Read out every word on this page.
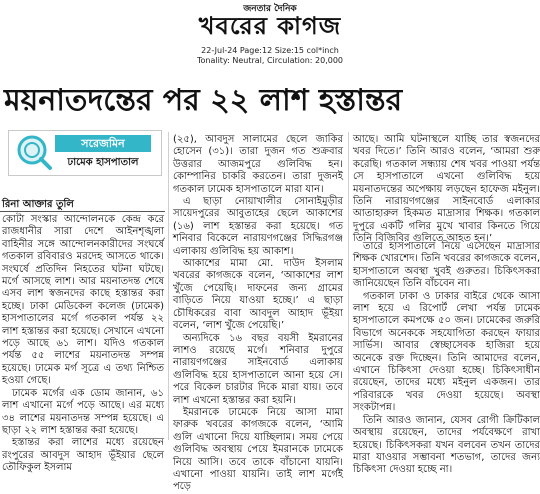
জনতার দৈনিক
খবরের কাগজ
22-Jul-24 Page:12 Size:15 col*inch
Tonality: Neutral, Circulation: 20,000
ময়নাতদন্তের পর ২২ লাশ হস্তান্তর
সরেজমিন
ঢামেক হাসপাতাল
রিনা আক্তার তুলি

কোটা সংস্কার আন্দোলনকে কেন্দ্র করে রাজধানীর সারা দেশে আইনশৃঙ্খলা বাহিনীর সঙ্গে আন্দোলনকারীদের সংঘর্ষে গতকাল রবিবারও মরদেহ আসতে থাকে। সংঘর্ষে প্রতিদিন নিহতের ঘটনা ঘটছে। মর্গে আসছে লাশ। আর ময়নাতদন্ত শেষে এসব লাশ স্বজনদের কাছে হস্তান্তর করা হচ্ছে। ঢাকা মেডিকেল কলেজ (ঢামেক) হাসপাতালের মর্গে গতকাল পর্যন্ত ২২ লাশ হস্তান্তর করা হয়েছে। সেখানে এখনো পড়ে আছে ৬১ লাশ। যদিও গতকাল পর্যন্ত ৫৫ লাশের ময়নাতদন্ত সম্পন্ন হয়েছে। ঢামেক মর্গ সূত্রে এ তথ্য নিশ্চিত হওয়া গেছে।

ঢামেক মর্গের এক ডোম জানান, ৬১ লাশ এখানো মর্গে পড়ে আছে। এর মধ্যে ৩৪ লাশের ময়নাতদন্ত সম্পন্ন হয়েছে। এ ছাড়া ২২ লাশ হস্তান্তর করা হয়েছে।

হস্তান্তর করা লাশের মধ্যে রয়েছেন রংপুরের আবদুস আহাদ ভূঁইয়ার ছেলে তৌফিকুল ইসলাম

(২৫), আবদুস সালামের ছেলে জাকির হোসেন (৩১)। তারা দুজন গত শুক্রবার উত্তরার আজমপুরে গুলিবিদ্ধ হন। কোম্পানির চাকরি করতেন। তারা দুজনই গতকাল ঢামেক হাসপাতালে মারা যান।

এ ছাড়া নোয়াখালীর সোনাইমুড়ীর সায়েদপুরের আবুতাহের ছেলে আকাশের (১৬) লাশ হস্তান্তর করা হয়েছে। গত শনিবার বিকেলে নারায়ণগঞ্জের সিদ্ধিরগঞ্জ এলাকায় গুলিবিদ্ধ হয় আকাশ।

আকাশের মামা মো. দাউদ ইসলাম খবরের কাগজকে বলেন, ‘আকাশের লাশ খুঁজে পেয়েছি। দাফনের জন্য গ্রামের বাড়িতে নিয়ে যাওয়া হচ্ছে।’ এ ছাড়া চৌধিকরের বাবা আবদুল আহাদ ভূঁইয়া বলেন, ‘লাশ খুঁজে পেয়েছি।’

অন্যদিকে ১৬ বছর বয়সী ইমরানের লাশও রয়েছে মর্গে। শনিবার দুপুরে নারায়ণগঞ্জের সাইনবোর্ড এলাকায় গুলিবিদ্ধ হয়ে হাসপাতালে আনা হয়ে সে। পরে বিকেল চারটার দিকে মারা যায়। তবে লাশ এখনো হস্তান্তর করা হয়নি।

ইমরানকে ঢামেকে নিয়ে আসা মামা ফারুক খবরের কাগজকে বলেন, ‘আমি গুলি এখানো দিয়ে যাচ্ছিলাম। সময় পেয়ে গুলিবিদ্ধ অবস্থায় পেয়ে ইমরানকে ঢামেকে নিয়ে আসি। তবে তাকে বাঁচানো যায়নি। এখানো পাওয়া যায়নি। তাই লাশ মর্গেই পড়ে

আছে। আমি ঘটনাস্থলে যাচ্ছি তার স্বজনদের খবর দিতে।’ তিনি আরও বলেন, ‘আমরা শুরু করেছি। গতকাল সন্ধ্যায় শেষ খবর পাওয়া পর্যন্ত সে হাসপাতালে এখনো গুলিবিদ্ধ হয়ে ময়নাতদন্তের অপেক্ষায় লড়ছেন হাফেজ মইনুল। তিনি নারায়ণগঞ্জের সাইনবোর্ড এলাকার আতাহারুল হিকমত মাদ্রাসার শিক্ষক। গতকাল দুপুরে একটি গলির মুখে খাবার কিনতে গিয়ে তিনি বিজিবির গুলিতে আহত হন।’

তারে হাসপাতালে নিয়ে এসেছেন মাদ্রাসার শিক্ষক খোরশেদ। তিনি খবরের কাগজকে বলেন, হাসপাতালে অবস্থা খুবই গুরুতর। চিকিৎসকরা জানিয়েছেন তিনি বাঁচবেন না।

গতকাল ঢাকা ও ঢাকার বাইরে থেকে আসা লাশ হয়ে এ রিপোর্ট লেখা পর্যন্ত ঢামেক হাসপাতালে কমপক্ষে ৫০ জন। ঢামেকের জরুরি বিভাগে অনেককে সহযোগিতা করছেন ফায়ার সার্ভিস। আবার স্বেচ্ছাসেবক হাজিরা হয়ে অনেকে রক্ত দিচ্ছেন। তিনি আমাদের বলেন, এখানে চিকিৎসা দেওয়া হচ্ছে। চিকিৎসাধীন রয়েছেন, তাদের মধ্যে মইনুল একজন। তার পরিবারকে খবর দেওয়া হয়েছে। অবস্থা সংকটাপন্ন।

তিনি আরও জানান, যেসব রোগী ক্রিটিকাল অবস্থায় রয়েছেন, তাদের পর্যবেক্ষণে রাখা হয়েছে। চিকিৎসকরা যখন বলবেন তখন তাদের মারা যাওয়ার সম্ভাবনা শতভাগ, তাদের জন্য চিকিৎসা দেওয়া হচ্ছে না।
